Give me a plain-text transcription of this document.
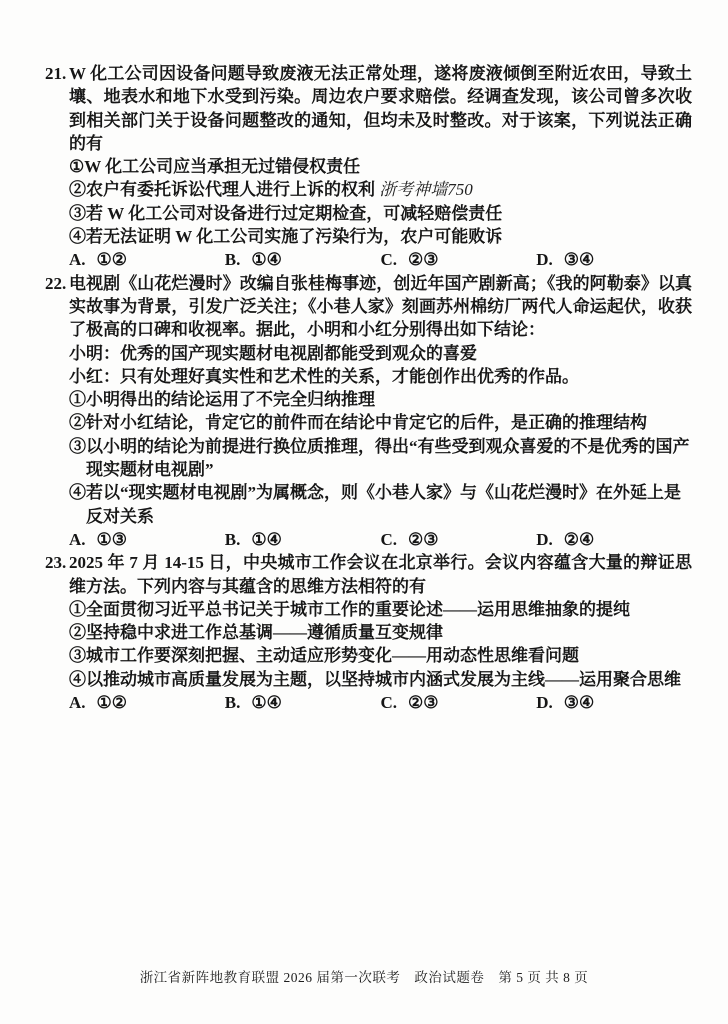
21. W 化工公司因设备问题导致废液无法正常处理，遂将废液倾倒至附近农田，导致土壤、地表水和地下水受到污染。周边农户要求赔偿。经调查发现，该公司曾多次收到相关部门关于设备问题整改的通知，但均未及时整改。对于该案，下列说法正确的有
①W 化工公司应当承担无过错侵权责任
②农户有委托诉讼代理人进行上诉的权利 浙考神墙750
③若 W 化工公司对设备进行过定期检查，可减轻赔偿责任
④若无法证明 W 化工公司实施了污染行为，农户可能败诉
A. ①②	B. ①④	C. ②③	D. ③④
22. 电视剧《山花烂漫时》改编自张桂梅事迹，创近年国产剧新高；《我的阿勒泰》以真实故事为背景，引发广泛关注；《小巷人家》刻画苏州棉纺厂两代人命运起伏，收获了极高的口碑和收视率。据此，小明和小红分别得出如下结论：
小明：优秀的国产现实题材电视剧都能受到观众的喜爱
小红：只有处理好真实性和艺术性的关系，才能创作出优秀的作品。
①小明得出的结论运用了不完全归纳推理
②针对小红结论，肯定它的前件而在结论中肯定它的后件，是正确的推理结构
③以小明的结论为前提进行换位质推理，得出“有些受到观众喜爱的不是优秀的国产现实题材电视剧”
④若以“现实题材电视剧”为属概念，则《小巷人家》与《山花烂漫时》在外延上是反对关系
A. ①③	B. ①④	C. ②③	D. ②④
23. 2025 年 7 月 14-15 日，中央城市工作会议在北京举行。会议内容蕴含大量的辩证思维方法。下列内容与其蕴含的思维方法相符的有
①全面贯彻习近平总书记关于城市工作的重要论述——运用思维抽象的提纯
②坚持稳中求进工作总基调——遵循质量互变规律
③城市工作要深刻把握、主动适应形势变化——用动态性思维看问题
④以推动城市高质量发展为主题，以坚持城市内涵式发展为主线——运用聚合思维
A. ①②	B. ①④	C. ②③	D. ③④
浙江省新阵地教育联盟 2026 届第一次联考　政治试题卷　第 5 页 共 8 页
